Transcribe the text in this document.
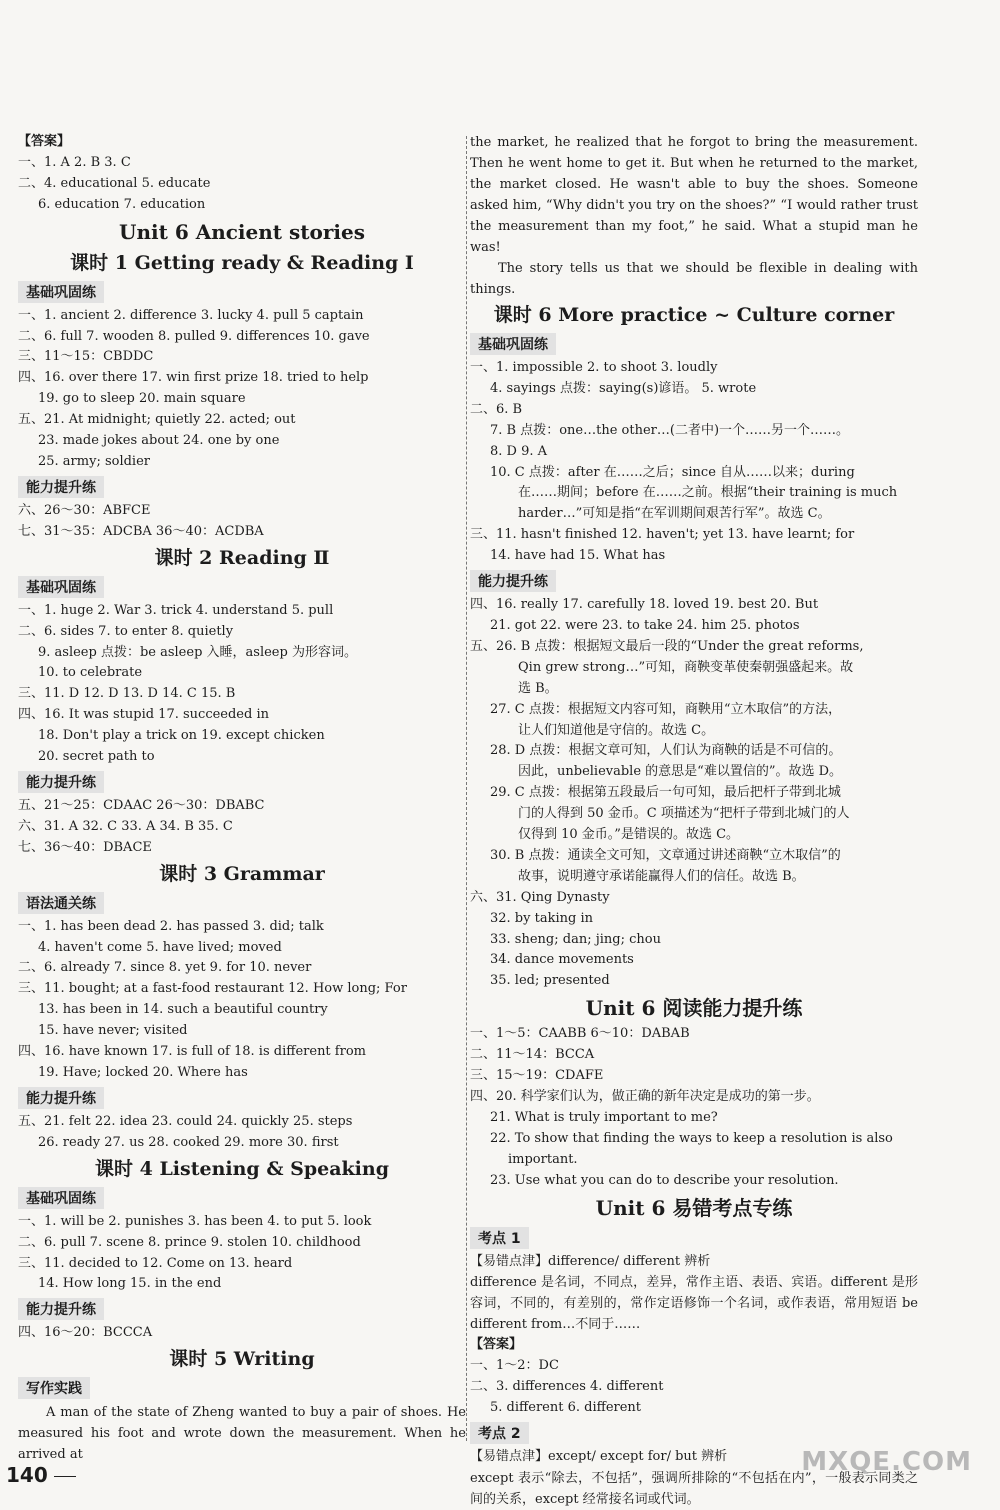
【答案】
一、1. A 2. B 3. C
二、4. educational 5. educate
6. education 7. education
Unit 6 Ancient stories
课时 1 Getting ready & Reading Ⅰ
基础巩固练
一、1. ancient 2. difference 3. lucky 4. pull 5 captain
二、6. full 7. wooden 8. pulled 9. differences 10. gave
三、11～15：CBDDC
四、16. over there 17. win first prize 18. tried to help
19. go to sleep 20. main square
五、21. At midnight; quietly 22. acted; out
23. made jokes about 24. one by one
25. army; soldier
能力提升练
六、26～30：ABFCE
七、31～35：ADCBA 36～40：ACDBA
课时 2 Reading Ⅱ
基础巩固练
一、1. huge 2. War 3. trick 4. understand 5. pull
二、6. sides 7. to enter 8. quietly
9. asleep 点拨：be asleep 入睡，asleep 为形容词。
10. to celebrate
三、11. D 12. D 13. D 14. C 15. B
四、16. It was stupid 17. succeeded in
18. Don't play a trick on 19. except chicken
20. secret path to
能力提升练
五、21～25：CDAAC 26～30：DBABC
六、31. A 32. C 33. A 34. B 35. C
七、36～40：DBACE
课时 3 Grammar
语法通关练
一、1. has been dead 2. has passed 3. did; talk
4. haven't come 5. have lived; moved
二、6. already 7. since 8. yet 9. for 10. never
三、11. bought; at a fast-food restaurant 12. How long; For
13. has been in 14. such a beautiful country
15. have never; visited
四、16. have known 17. is full of 18. is different from
19. Have; locked 20. Where has
能力提升练
五、21. felt 22. idea 23. could 24. quickly 25. steps
26. ready 27. us 28. cooked 29. more 30. first
课时 4 Listening & Speaking
基础巩固练
一、1. will be 2. punishes 3. has been 4. to put 5. look
二、6. pull 7. scene 8. prince 9. stolen 10. childhood
三、11. decided to 12. Come on 13. heard
14. How long 15. in the end
能力提升练
四、16～20：BCCCA
课时 5 Writing
写作实践
A man of the state of Zheng wanted to buy a pair of shoes. He measured his foot and wrote down the measurement. When he arrived at
the market, he realized that he forgot to bring the measurement. Then he went home to get it. But when he returned to the market, the market closed. He wasn't able to buy the shoes. Someone asked him, “Why didn't you try on the shoes?” “I would rather trust the measurement than my foot,” he said. What a stupid man he was!
The story tells us that we should be flexible in dealing with things.
课时 6 More practice ~ Culture corner
基础巩固练
一、1. impossible 2. to shoot 3. loudly
4. sayings 点拨：saying(s)谚语。 5. wrote
二、6. B
7. B 点拨：one…the other…(二者中)一个……另一个……。
8. D 9. A
10. C 点拨：after 在……之后；since 自从……以来；during
在……期间；before 在……之前。根据“their training is much
harder…”可知是指“在军训期间艰苦行军”。故选 C。
三、11. hasn't finished 12. haven't; yet 13. have learnt; for
14. have had 15. What has
能力提升练
四、16. really 17. carefully 18. loved 19. best 20. But
21. got 22. were 23. to take 24. him 25. photos
五、26. B 点拨：根据短文最后一段的“Under the great reforms,
Qin grew strong…”可知，商鞅变革使秦朝强盛起来。故
选 B。
27. C 点拨：根据短文内容可知，商鞅用“立木取信”的方法，
让人们知道他是守信的。故选 C。
28. D 点拨：根据文章可知，人们认为商鞅的话是不可信的。
因此，unbelievable 的意思是“难以置信的”。故选 D。
29. C 点拨：根据第五段最后一句可知，最后把杆子带到北城
门的人得到 50 金币。C 项描述为“把杆子带到北城门的人
仅得到 10 金币。”是错误的。故选 C。
30. B 点拨：通读全文可知，文章通过讲述商鞅“立木取信”的
故事，说明遵守承诺能赢得人们的信任。故选 B。
六、31. Qing Dynasty
32. by taking in
33. sheng; dan; jing; chou
34. dance movements
35. led; presented
Unit 6 阅读能力提升练
一、1～5：CAABB 6～10：DABAB
二、11～14：BCCA
三、15～19：CDAFE
四、20. 科学家们认为，做正确的新年决定是成功的第一步。
21. What is truly important to me?
22. To show that finding the ways to keep a resolution is also
important.
23. Use what you can do to describe your resolution.
Unit 6 易错考点专练
考点 1
【易错点津】difference/ different 辨析
difference 是名词，不同点，差异，常作主语、表语、宾语。different 是形容词，不同的，有差别的，常作定语修饰一个名词，或作表语，常用短语 be different from…不同于……
【答案】
一、1～2：DC
二、3. differences 4. different
5. different 6. different
考点 2
【易错点津】except/ except for/ but 辨析
except 表示“除去，不包括”，强调所排除的“不包括在内”，一般表示同类之间的关系，except 经常接名词或代词。
140	MXQE.COM
